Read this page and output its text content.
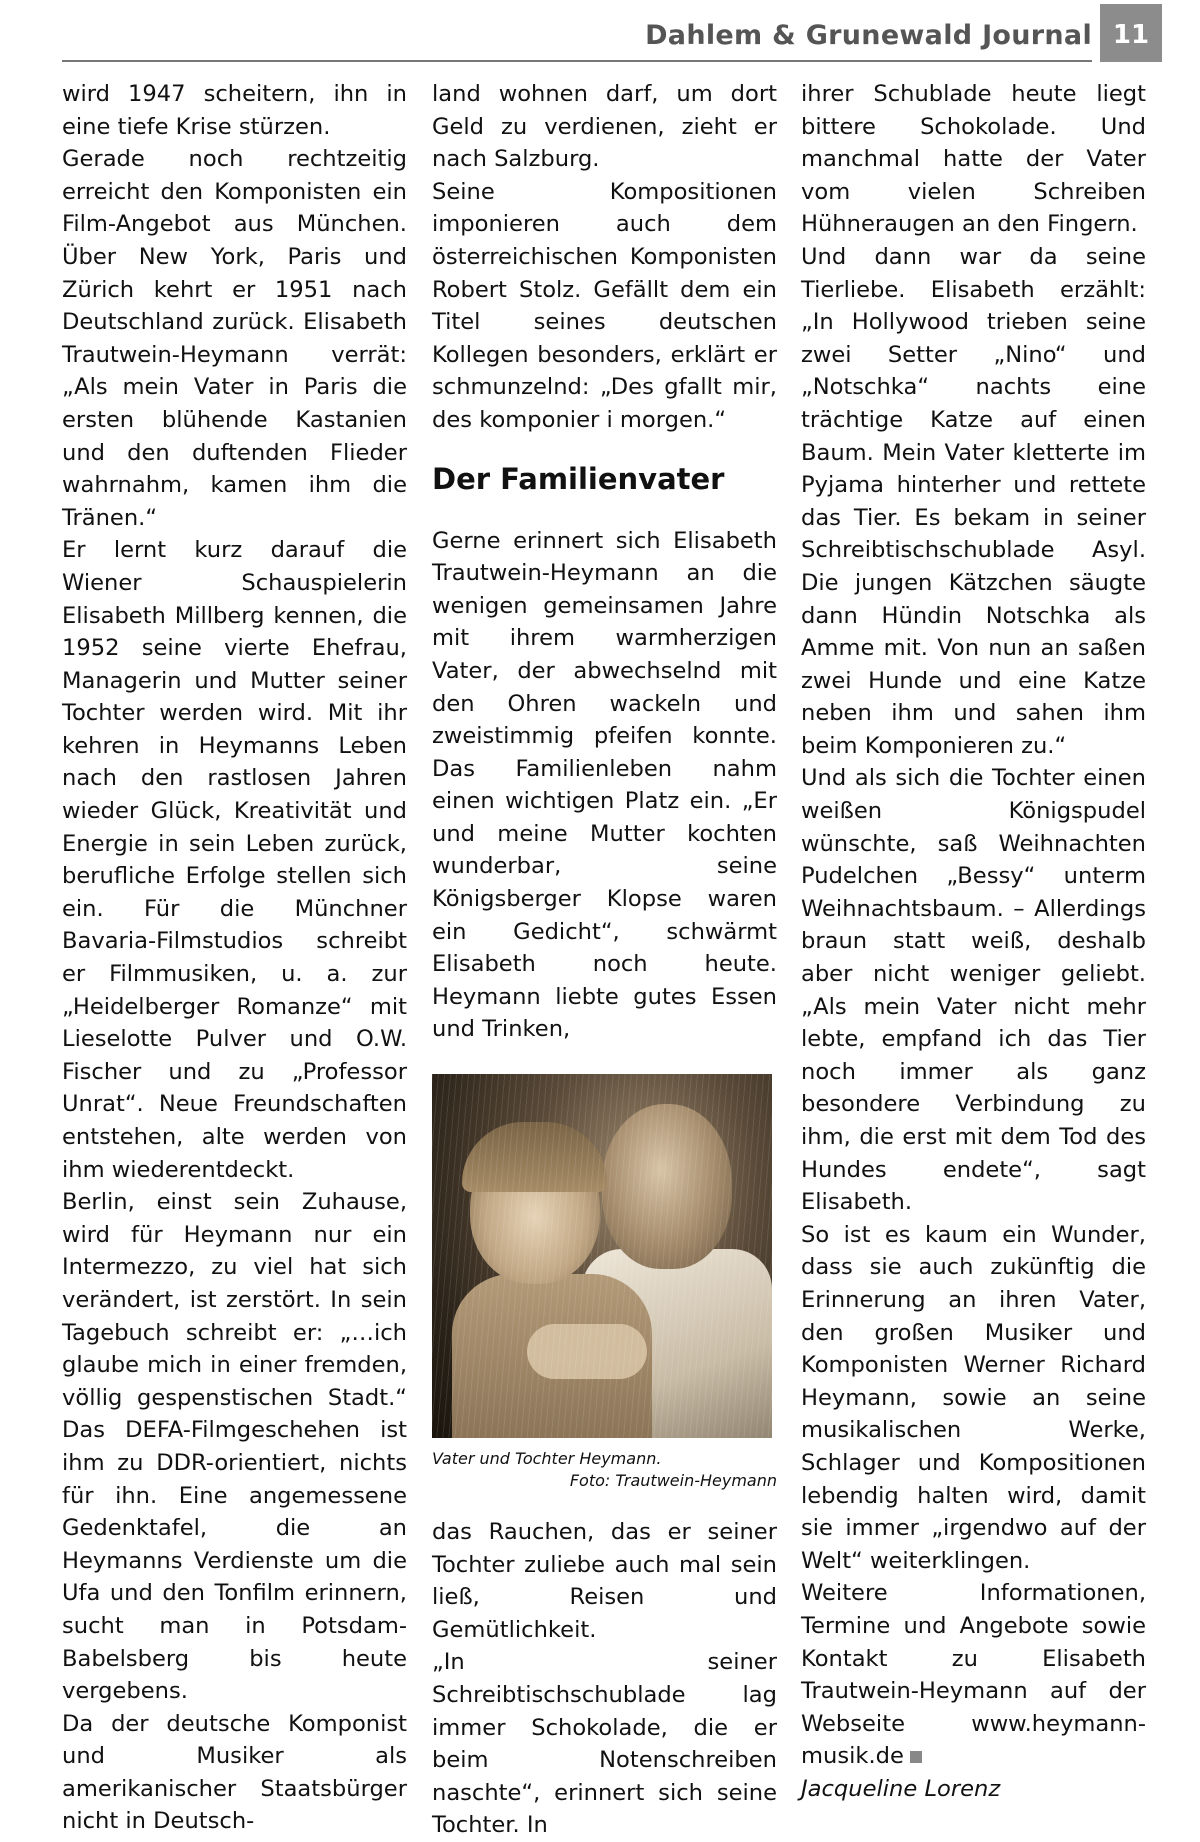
Dahlem & Grunewald Journal 11

wird 1947 scheitern, ihn in eine tiefe Krise stürzen.

Gerade noch rechtzeitig erreicht den Komponisten ein Film-Angebot aus München. Über New York, Paris und Zürich kehrt er 1951 nach Deutschland zurück. Elisabeth Trautwein-Heymann verrät: „Als mein Vater in Paris die ersten blühende Kastanien und den duftenden Flieder wahrnahm, kamen ihm die Tränen.“

Er lernt kurz darauf die Wiener Schauspielerin Elisabeth Millberg kennen, die 1952 seine vierte Ehefrau, Managerin und Mutter seiner Tochter werden wird. Mit ihr kehren in Heymanns Leben nach den rastlosen Jahren wieder Glück, Kreativität und Energie in sein Leben zurück, berufliche Erfolge stellen sich ein. Für die Münchner Bavaria-Filmstudios schreibt er Filmmusiken, u. a. zur „Heidelberger Romanze“ mit Lieselotte Pulver und O.W. Fischer und zu „Professor Unrat“. Neue Freundschaften entstehen, alte werden von ihm wiederentdeckt.

Berlin, einst sein Zuhause, wird für Heymann nur ein Intermezzo, zu viel hat sich verändert, ist zerstört. In sein Tagebuch schreibt er: „…ich glaube mich in einer fremden, völlig gespenstischen Stadt.“ Das DEFA-Filmgeschehen ist ihm zu DDR-orientiert, nichts für ihn. Eine angemessene Gedenktafel, die an Heymanns Verdienste um die Ufa und den Tonfilm erinnern, sucht man in Potsdam-Babelsberg bis heute vergebens.

Da der deutsche Komponist und Musiker als amerikanischer Staatsbürger nicht in Deutsch-

land wohnen darf, um dort Geld zu verdienen, zieht er nach Salzburg.

Seine Kompositionen imponieren auch dem österreichischen Komponisten Robert Stolz. Gefällt dem ein Titel seines deutschen Kollegen besonders, erklärt er schmunzelnd: „Des gfallt mir, des komponier i morgen.“

Der Familienvater

Gerne erinnert sich Elisabeth Trautwein-Heymann an die wenigen gemeinsamen Jahre mit ihrem warmherzigen Vater, der abwechselnd mit den Ohren wackeln und zweistimmig pfeifen konnte. Das Familienleben nahm einen wichtigen Platz ein. „Er und meine Mutter kochten wunderbar, seine Königsberger Klopse waren ein Gedicht“, schwärmt Elisabeth noch heute. Heymann liebte gutes Essen und Trinken,

Vater und Tochter Heymann.
Foto: Trautwein-Heymann

das Rauchen, das er seiner Tochter zuliebe auch mal sein ließ, Reisen und Gemütlichkeit.

„In seiner Schreibtischschublade lag immer Schokolade, die er beim Notenschreiben naschte“, erinnert sich seine Tochter. In

ihrer Schublade heute liegt bittere Schokolade. Und manchmal hatte der Vater vom vielen Schreiben Hühneraugen an den Fingern.

Und dann war da seine Tierliebe. Elisabeth erzählt: „In Hollywood trieben seine zwei Setter „Nino“ und „Notschka“ nachts eine trächtige Katze auf einen Baum. Mein Vater kletterte im Pyjama hinterher und rettete das Tier. Es bekam in seiner Schreibtischschublade Asyl. Die jungen Kätzchen säugte dann Hündin Notschka als Amme mit. Von nun an saßen zwei Hunde und eine Katze neben ihm und sahen ihm beim Komponieren zu.“

Und als sich die Tochter einen weißen Königspudel wünschte, saß Weihnachten Pudelchen „Bessy“ unterm Weihnachtsbaum. – Allerdings braun statt weiß, deshalb aber nicht weniger geliebt. „Als mein Vater nicht mehr lebte, empfand ich das Tier noch immer als ganz besondere Verbindung zu ihm, die erst mit dem Tod des Hundes endete“, sagt Elisabeth.

So ist es kaum ein Wunder, dass sie auch zukünftig die Erinnerung an ihren Vater, den großen Musiker und Komponisten Werner Richard Heymann, sowie an seine musikalischen Werke, Schlager und Kompositionen lebendig halten wird, damit sie immer „irgendwo auf der Welt“ weiterklingen.

Weitere Informationen, Termine und Angebote sowie Kontakt zu Elisabeth Trautwein-Heymann auf der Webseite www.heymann-musik.de

Jacqueline Lorenz
